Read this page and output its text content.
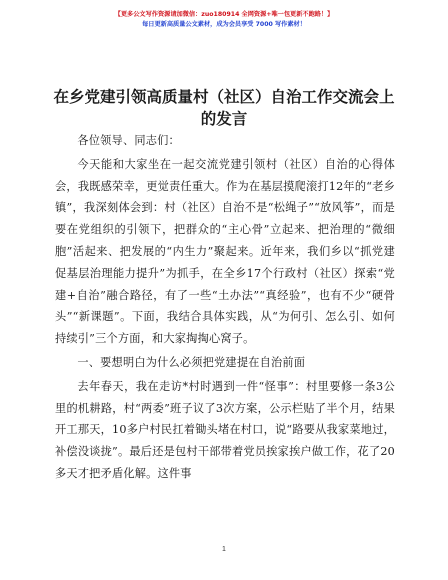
【更多公文写作资源请加微信：zuo180914 全网资源+唯一包更新不跑路！】
每日更新高质量公文素材，成为会员享受 7000 写作素材！
在乡党建引领高质量村（社区）自治工作交流会上的发言

各位领导、同志们：

今天能和大家坐在一起交流党建引领村（社区）自治的心得体会，我既感荣幸，更觉责任重大。作为在基层摸爬滚打12年的“老乡镇”，我深刻体会到：村（社区）自治不是“松绳子”“放风筝”，而是要在党组织的引领下，把群众的“主心骨”立起来、把治理的“微细胞”活起来、把发展的“内生力”聚起来。近年来，我们乡以“抓党建促基层治理能力提升”为抓手，在全乡17个行政村（社区）探索“党建+自治”融合路径，有了一些“土办法”“真经验”，也有不少“硬骨头”“新课题”。下面，我结合具体实践，从“为何引、怎么引、如何持续引”三个方面，和大家掏掏心窝子。

一、要想明白为什么必须把党建提在自治前面

去年春天，我在走访*村时遇到一件“怪事”：村里要修一条3公里的机耕路，村“两委”班子议了3次方案，公示栏贴了半个月，结果开工那天，10多户村民扛着锄头堵在村口，说“路要从我家菜地过，补偿没谈拢”。最后还是包村干部带着党员挨家挨户做工作，花了20多天才把矛盾化解。这件事

1
